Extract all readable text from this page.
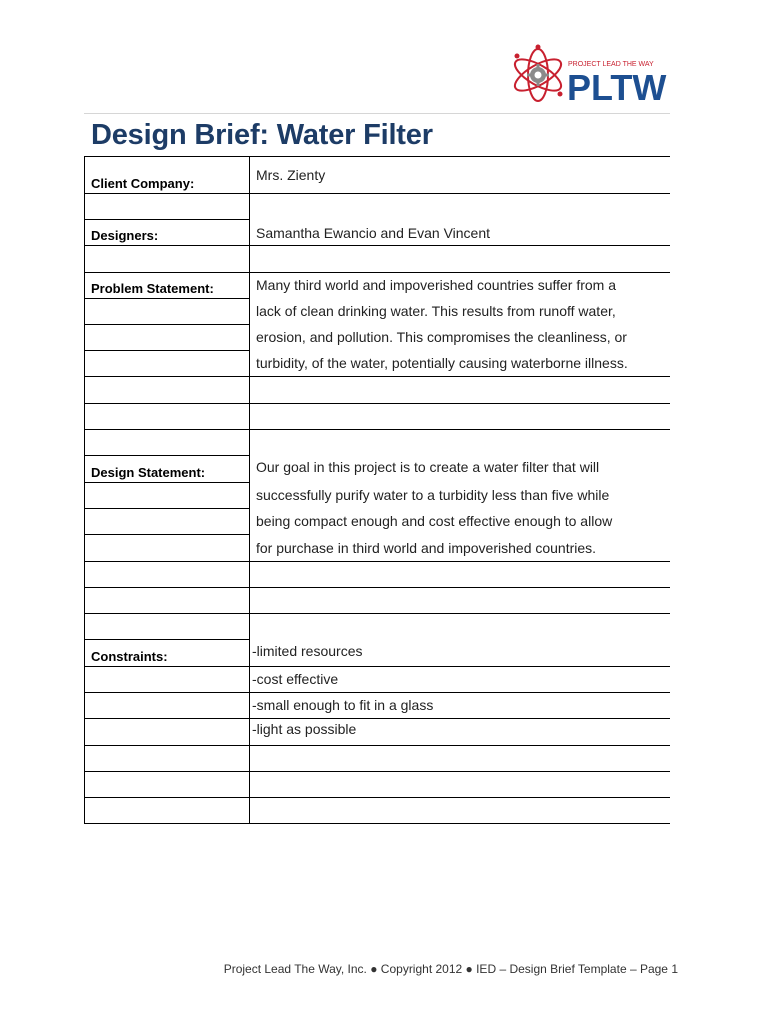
PROJECT LEAD THE WAY
PLTW
Design Brief: Water Filter
Client Company:
Mrs. Zienty
Designers:	Samantha Ewancio and Evan Vincent
Problem Statement:	Many third world and impoverished countries suffer from a
lack of clean drinking water. This results from runoff water,
erosion, and pollution. This compromises the cleanliness, or
turbidity, of the water, potentially causing waterborne illness.
Design Statement:	Our goal in this project is to create a water filter that will
successfully purify water to a turbidity less than five while
being compact enough and cost effective enough to allow
for purchase in third world and impoverished countries.
Constraints:	-limited resources
-cost effective
-small enough to fit in a glass
-light as possible
Project Lead The Way, Inc. ● Copyright 2012 ● IED – Design Brief Template – Page 1
